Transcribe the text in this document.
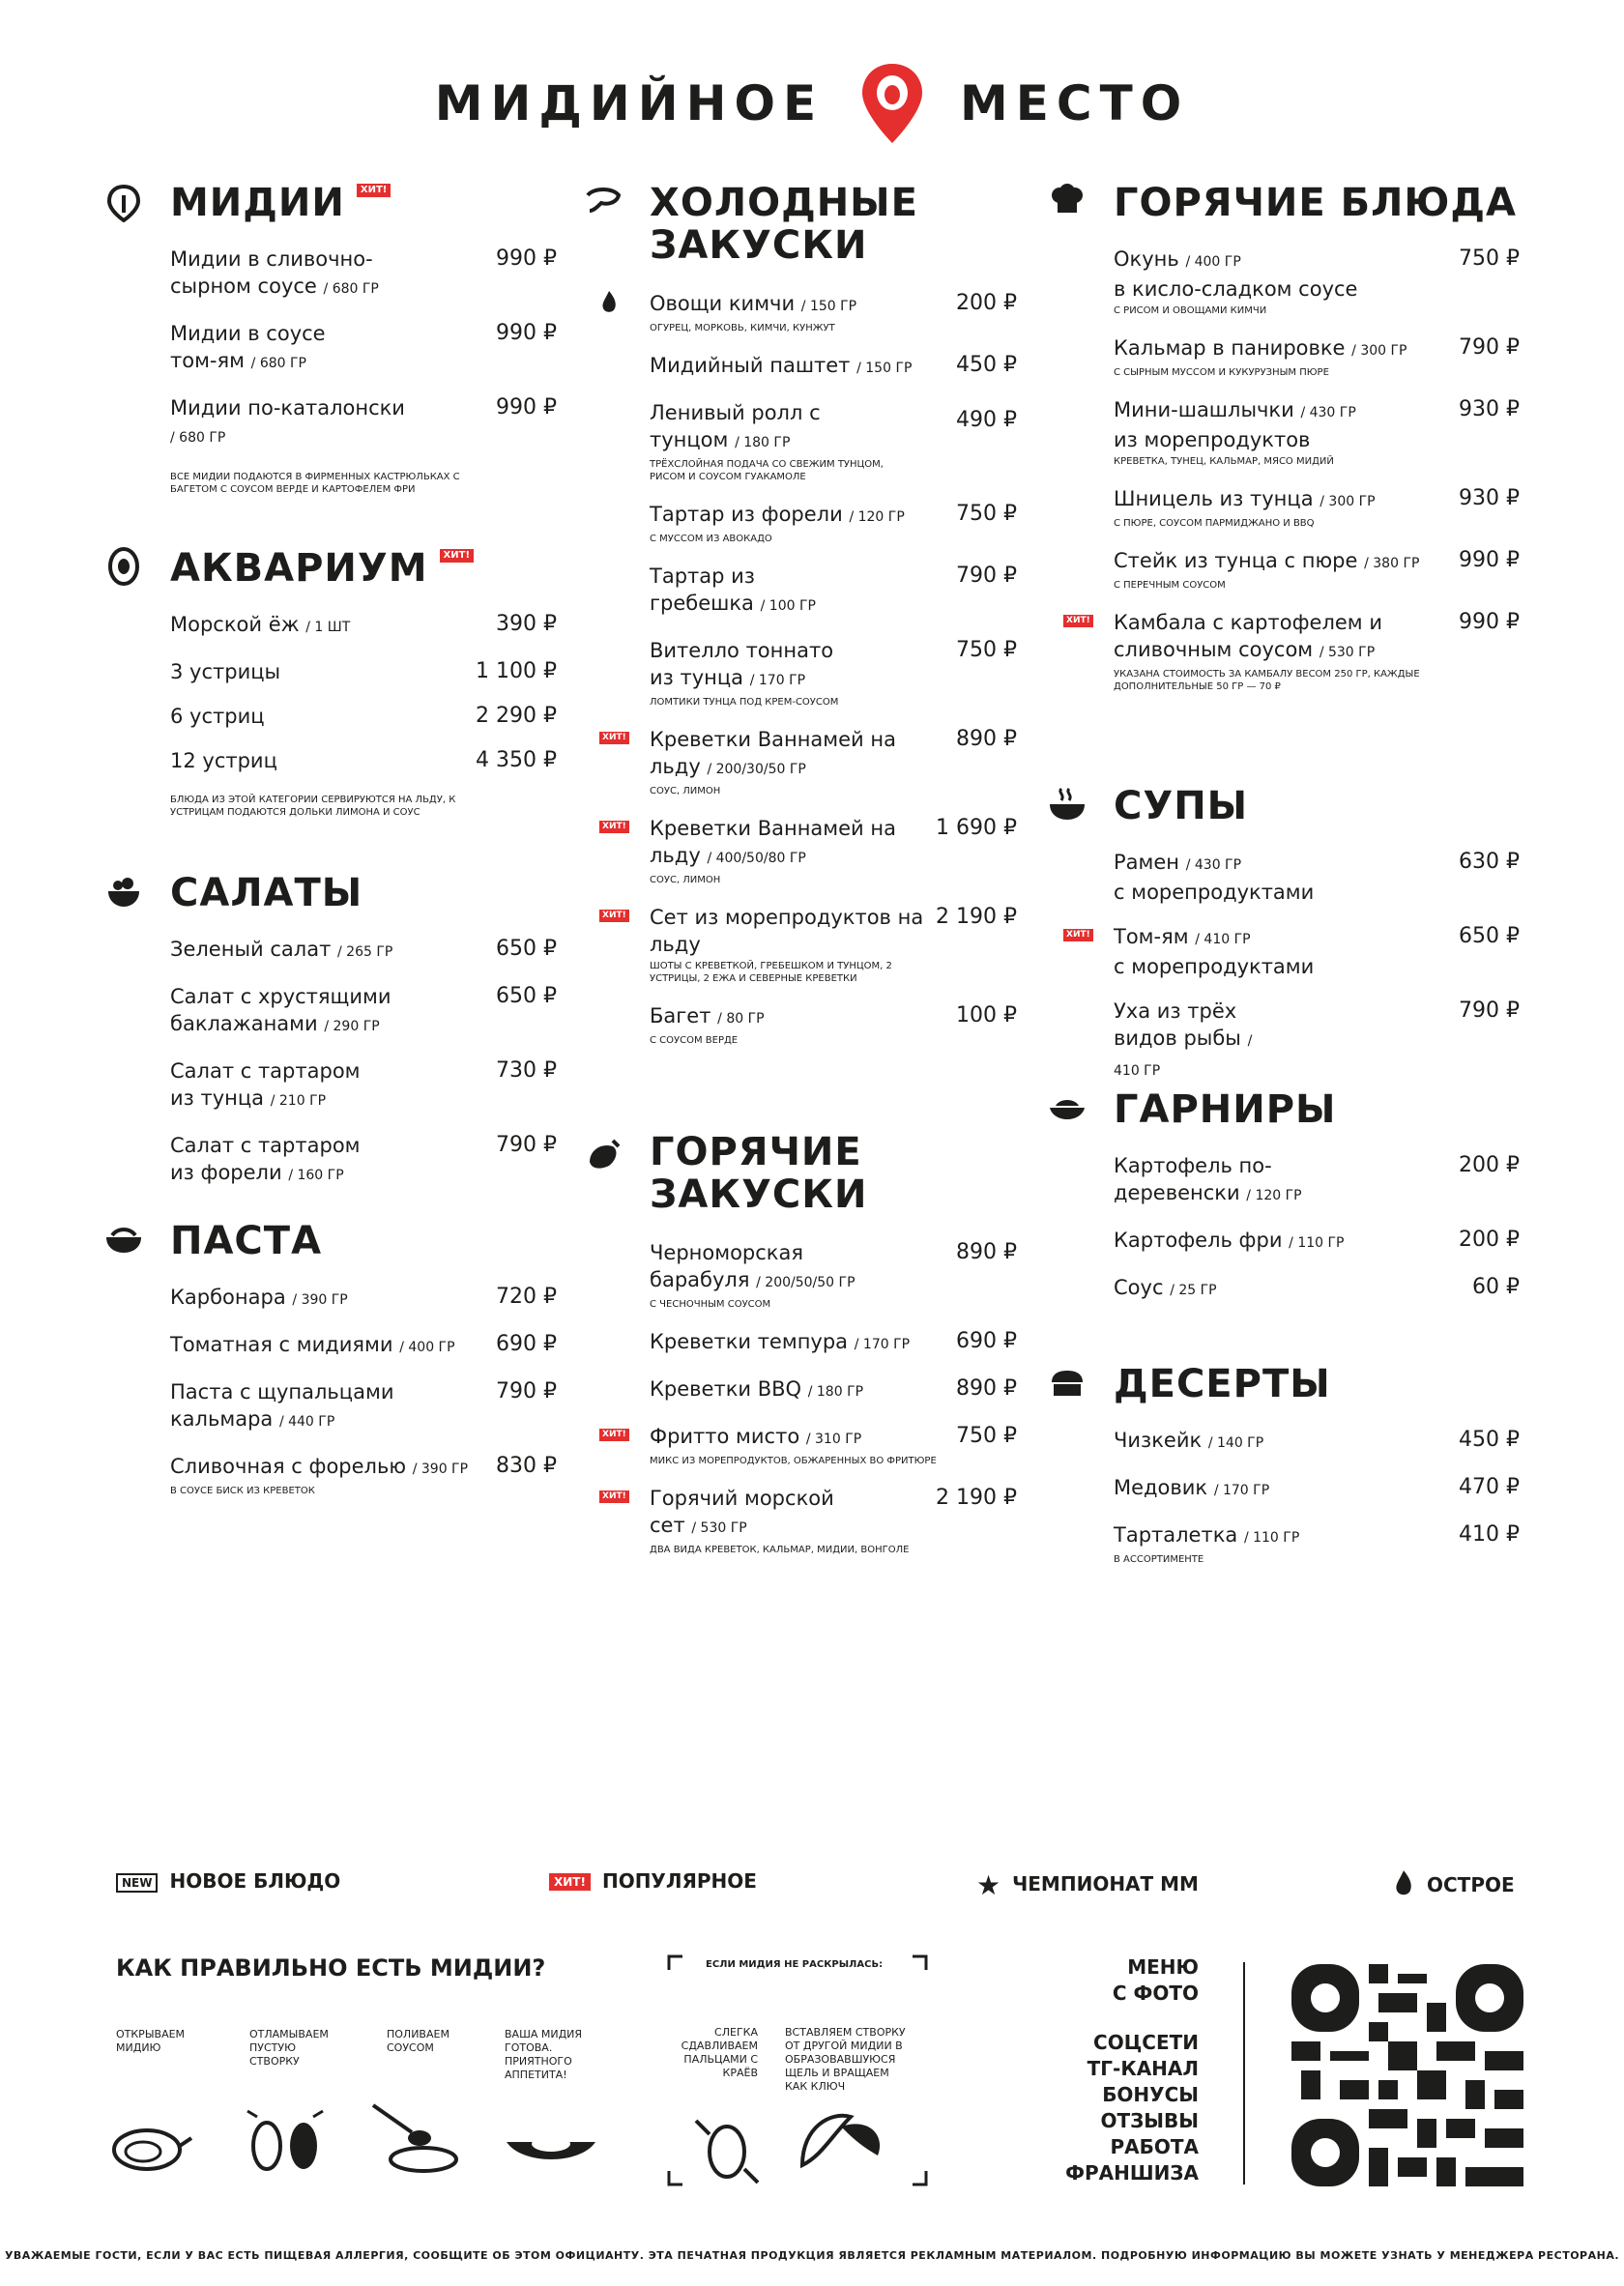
МИДИЙНОЕ	МЕСТО
МИДИИ ХИТ!
Мидии в сливочно-сырном соусе / 680 ГР
990 ₽
Мидии в соусе том-ям / 680 ГР
990 ₽
Мидии по-каталонски / 680 ГР
990 ₽
ВСЕ МИДИИ ПОДАЮТСЯ В ФИРМЕННЫХ КАСТРЮЛЬКАХ С БАГЕТОМ С СОУСОМ ВЕРДЕ И КАРТОФЕЛЕМ ФРИ
АКВАРИУМ ХИТ!
Морской ёж / 1 ШТ	390 ₽
3 устрицы	1 100 ₽
6 устриц	2 290 ₽
12 устриц	4 350 ₽
БЛЮДА ИЗ ЭТОЙ КАТЕГОРИИ СЕРВИРУЮТСЯ НА ЛЬДУ, К УСТРИЦАМ ПОДАЮТСЯ ДОЛЬКИ ЛИМОНА И СОУС
САЛАТЫ
Зеленый салат / 265 ГР	650 ₽
Салат с хрустящими баклажанами / 290 ГР
650 ₽
Салат с тартаром из тунца / 210 ГР
730 ₽
Салат с тартаром из форели / 160 ГР
790 ₽
ПАСТА
Карбонара / 390 ГР	720 ₽
Томатная с мидиями / 400 ГР	690 ₽
Паста с щупальцами кальмара / 440 ГР
790 ₽
Сливочная с форелью / 390 ГР	830 ₽
В СОУСЕ БИСК ИЗ КРЕВЕТОК
ХОЛОДНЫЕ
ЗАКУСКИ
Овощи кимчи / 150 ГР	200 ₽
ОГУРЕЦ, МОРКОВЬ, КИМЧИ, КУНЖУТ
Мидийный паштет / 150 ГР	450 ₽
Ленивый ролл с тунцом / 180 ГР
490 ₽
ТРЁХСЛОЙНАЯ ПОДАЧА СО СВЕЖИМ ТУНЦОМ, РИСОМ И СОУСОМ ГУАКАМОЛЕ
Тартар из форели / 120 ГР	750 ₽
С МУССОМ ИЗ АВОКАДО
Тартар из гребешка / 100 ГР
790 ₽
Вителло тоннато из тунца / 170 ГР
750 ₽
ЛОМТИКИ ТУНЦА ПОД КРЕМ-СОУСОМ
ХИТ! Креветки Ваннамей на льду / 200/30/50 ГР
890 ₽
СОУС, ЛИМОН
ХИТ! Креветки Ваннамей на льду / 400/50/80 ГР
1 690 ₽
СОУС, ЛИМОН
ХИТ! Сет из морепродуктов на льду
2 190 ₽
ШОТЫ С КРЕВЕТКОЙ, ГРЕБЕШКОМ И ТУНЦОМ, 2 УСТРИЦЫ, 2 ЕЖА И СЕВЕРНЫЕ КРЕВЕТКИ
Багет / 80 ГР	100 ₽
С СОУСОМ ВЕРДЕ
ГОРЯЧИЕ
ЗАКУСКИ
Черноморская барабуля / 200/50/50 ГР
890 ₽
С ЧЕСНОЧНЫМ СОУСОМ
Креветки темпура / 170 ГР	690 ₽
Креветки BBQ / 180 ГР	890 ₽
ХИТ! Фритто мисто / 310 ГР	750 ₽
МИКС ИЗ МОРЕПРОДУКТОВ, ОБЖАРЕННЫХ ВО ФРИТЮРЕ
ХИТ! Горячий морской сет / 530 ГР
2 190 ₽
ДВА ВИДА КРЕВЕТОК, КАЛЬМАР, МИДИИ, ВОНГОЛЕ
ГОРЯЧИЕ БЛЮДА
Окунь / 400 ГР
в кисло-сладком соусе
750 ₽
С РИСОМ И ОВОЩАМИ КИМЧИ
Кальмар в панировке / 300 ГР	790 ₽
С СЫРНЫМ МУССОМ И КУКУРУЗНЫМ ПЮРЕ
Мини-шашлычки / 430 ГР
из морепродуктов
930 ₽
КРЕВЕТКА, ТУНЕЦ, КАЛЬМАР, МЯСО МИДИЙ
Шницель из тунца / 300 ГР	930 ₽
С ПЮРЕ, СОУСОМ ПАРМИДЖАНО И BBQ
Стейк из тунца с пюре / 380 ГР	990 ₽
С ПЕРЕЧНЫМ СОУСОМ
ХИТ! Камбала с картофелем и сливочным соусом / 530 ГР
990 ₽
УКАЗАНА СТОИМОСТЬ ЗА КАМБАЛУ ВЕСОМ 250 ГР, КАЖДЫЕ ДОПОЛНИТЕЛЬНЫЕ 50 ГР — 70 ₽
СУПЫ
Рамен / 430 ГР
с морепродуктами
630 ₽
ХИТ! Том-ям / 410 ГР
с морепродуктами
650 ₽
Уха из трёх видов рыбы / 410 ГР
790 ₽
ГАРНИРЫ
Картофель по-деревенски / 120 ГР
200 ₽
Картофель фри / 110 ГР	200 ₽
Соус / 25 ГР	60 ₽
ДЕСЕРТЫ
Чизкейк / 140 ГР	450 ₽
Медовик / 170 ГР	470 ₽
Тарталетка / 110 ГР	410 ₽
В АССОРТИМЕНТЕ
NEW НОВОЕ БЛЮДО	ХИТ! ПОПУЛЯРНОЕ	★ ЧЕМПИОНАТ ММ	ОСТРОЕ
КАК ПРАВИЛЬНО ЕСТЬ МИДИИ?
ОТКРЫВАЕМ МИДИЮ
ОТЛАМЫВАЕМ ПУСТУЮ СТВОРКУ
ПОЛИВАЕМ СОУСОМ
ВАША МИДИЯ ГОТОВА. ПРИЯТНОГО АППЕТИТА!
ЕСЛИ МИДИЯ НЕ РАСКРЫЛАСЬ:
СЛЕГКА СДАВЛИВАЕМ ПАЛЬЦАМИ С КРАЁВ
ВСТАВЛЯЕМ СТВОРКУ ОТ ДРУГОЙ МИДИИ В ОБРАЗОВАВШУЮСЯ ЩЕЛЬ И ВРАЩАЕМ КАК КЛЮЧ
МЕНЮ
С ФОТО
СОЦСЕТИ
ТГ-КАНАЛ
БОНУСЫ
ОТЗЫВЫ
РАБОТА
ФРАНШИЗА
УВАЖАЕМЫЕ ГОСТИ, ЕСЛИ У ВАС ЕСТЬ ПИЩЕВАЯ АЛЛЕРГИЯ, СООБЩИТЕ ОБ ЭТОМ ОФИЦИАНТУ. ЭТА ПЕЧАТНАЯ ПРОДУКЦИЯ ЯВЛЯЕТСЯ РЕКЛАМНЫМ МАТЕРИАЛОМ. ПОДРОБНУЮ ИНФОРМАЦИЮ ВЫ МОЖЕТЕ УЗНАТЬ У МЕНЕДЖЕРА РЕСТОРАНА.
